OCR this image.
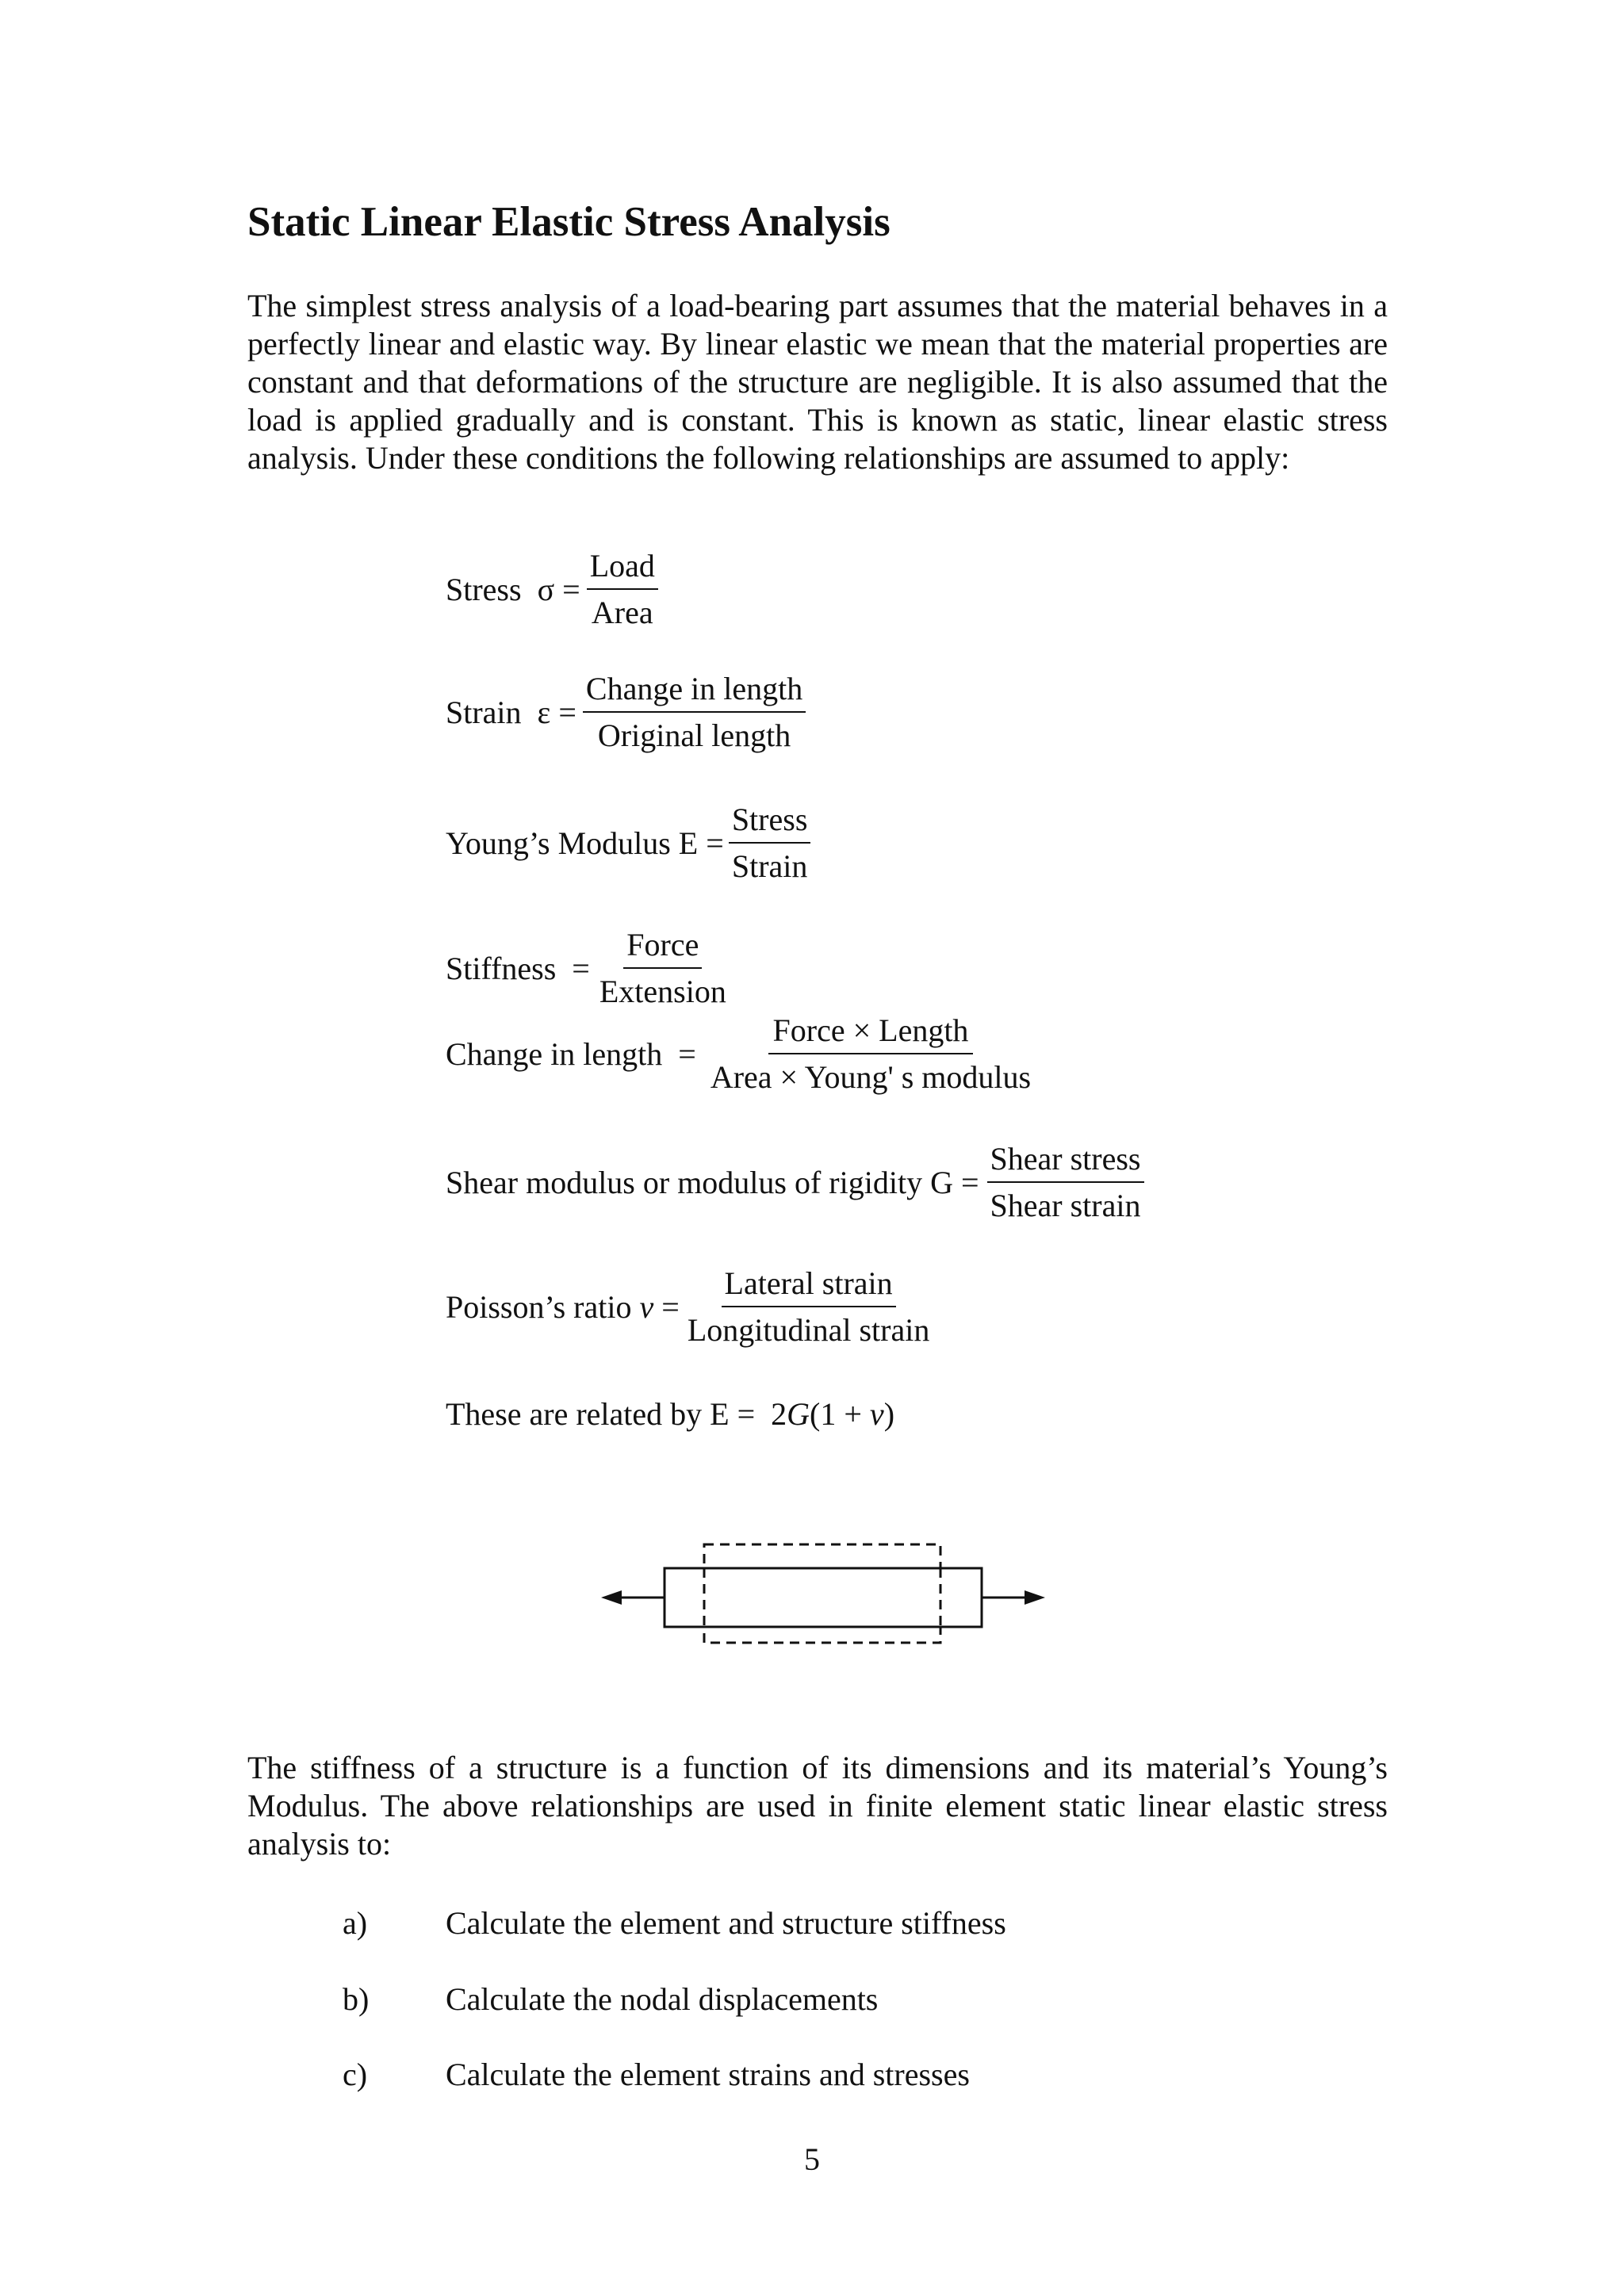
Static Linear Elastic Stress Analysis

The simplest stress analysis of a load-bearing part assumes that the material behaves in a perfectly linear and elastic way. By linear elastic we mean that the material properties are constant and that deformations of the structure are negligible. It is also assumed that the load is applied gradually and is constant. This is known as static, linear elastic stress analysis. Under these conditions the following relationships are assumed to apply:

Stress  $\sigma = \frac{\text{Load}}{\text{Area}}$
Strain  $\varepsilon = \frac{\text{Change in length}}{\text{Original length}}$
Young’s Modulus $E = \frac{\text{Stress}}{\text{Strain}}$
Stiffness  = $\frac{\text{Force}}{\text{Extension}}$
Change in length  = $\frac{\text{Force × Length}}{\text{Area × Young' s modulus}}$
Shear modulus or modulus of rigidity $G = \frac{\text{Shear stress}}{\text{Shear strain}}$
Poisson’s ratio $\nu = \frac{\text{Lateral strain}}{\text{Longitudinal strain}}$
These are related by E =  2G(1 + ν)

The stiffness of a structure is a function of its dimensions and its material’s Young’s Modulus. The above relationships are used in finite element static linear elastic stress analysis to:

a) Calculate the element and structure stiffness
b) Calculate the nodal displacements
c) Calculate the element strains and stresses
5
